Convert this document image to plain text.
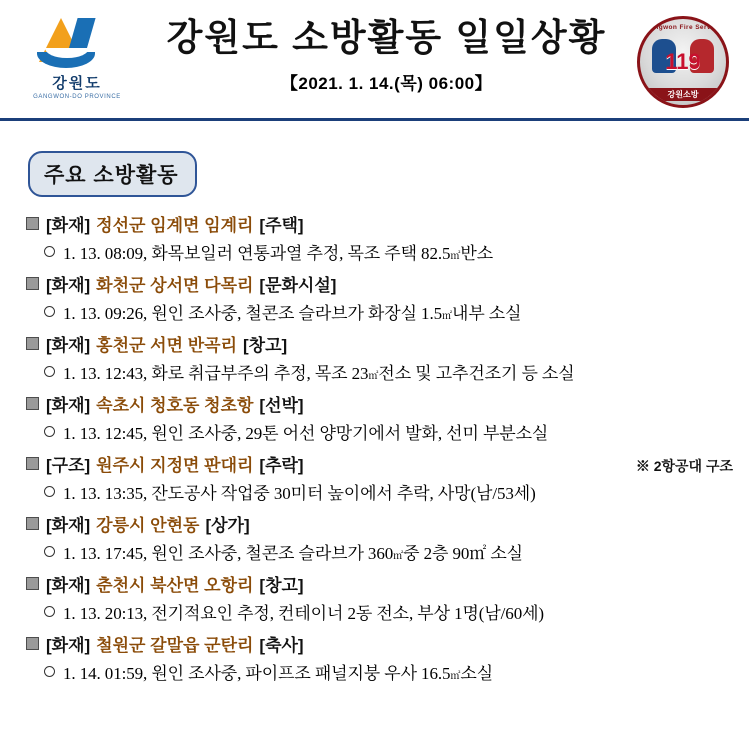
강원도
GANGWON-DO PROVINCE
강원도 소방활동 일일상황
【2021. 1. 14.(목) 06:00】
Gangwon Fire Service
119
강원소방
주요 소방활동
[화재] 정선군 임계면 임계리 [주택]
1. 13. 08:09, 화목보일러 연통과열 추정, 목조 주택 82.5 ㎡ 반소
[화재] 화천군 상서면 다목리 [문화시설]
1. 13. 09:26, 원인 조사중, 철콘조 슬라브가 화장실 1.5 ㎡ 내부 소실
[화재] 홍천군 서면 반곡리 [창고]
1. 13. 12:43, 화로 취급부주의 추정, 목조 23 ㎡ 전소 및 고추건조기 등 소실
[화재] 속초시 청호동 청초항 [선박]
1. 13. 12:45, 원인 조사중, 29톤 어선 양망기에서 발화, 선미 부분소실
[구조] 원주시 지정면 판대리 [추락]	※ 2항공대 구조
1. 13. 13:35, 잔도공사 작업중 30미터 높이에서 추락, 사망(남/53세)
[화재] 강릉시 안현동 [상가]
1. 13. 17:45, 원인 조사중, 철콘조 슬라브가 360 ㎡ 중 2층 90㎡ 소실
[화재] 춘천시 북산면 오항리 [창고]
1. 13. 20:13, 전기적요인 추정, 컨테이너 2동 전소, 부상 1명(남/60세)
[화재] 철원군 갈말읍 군탄리 [축사]
1. 14. 01:59, 원인 조사중, 파이프조 패널지붕 우사 16.5 ㎡ 소실
